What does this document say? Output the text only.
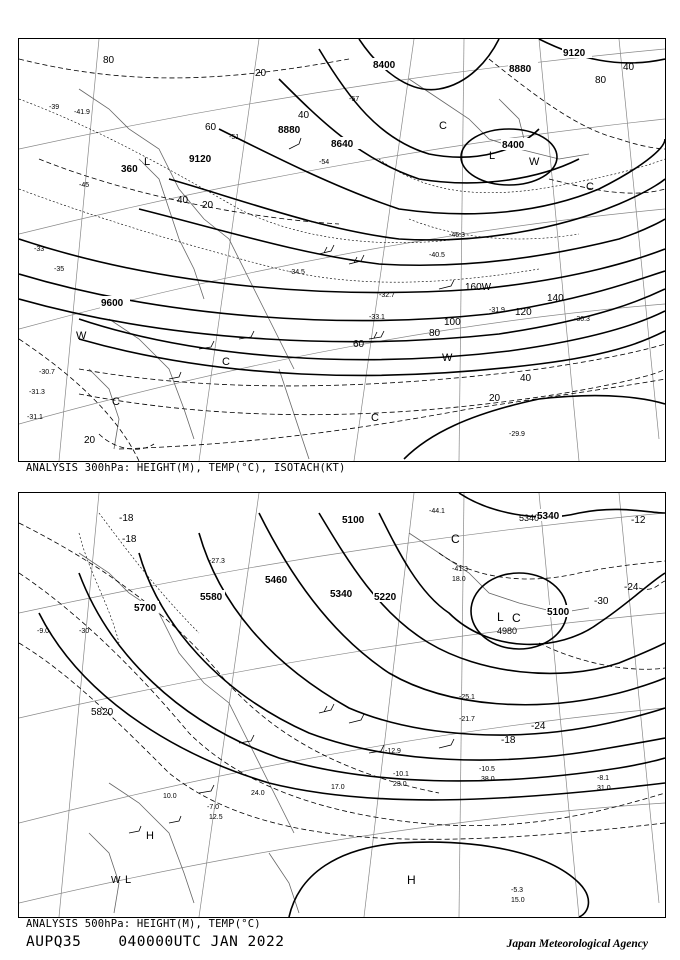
9120
8400	8880
8880
8640	8400
9120
9600
360
160W
140
120
100
80
60
40
20
20
40
60
80
40 20
40
80
20
-39
-45
-51
-54
-57
-46.3
-40.5
-34.5
-32.7
-33.1	-30.3
-31.9
-29.9
-31.3
-31.1
-30.7
-33
-35
-41.9
L	W
C
C
C
W
W
C
C
L
ANALYSIS 300hPa: HEIGHT(M), TEMP(°C), ISOTACH(KT)
5100	5340
5700
5460
5580	5340 5220
5820
5100
4980
5340
-18
-18
-24
-30
-24
-18
-12
-30
-41.3
-44.1
-21.7
-25.1
-12.9
-10.1
-10.5
-7.0
-5.3
-8.1
-27.3
-9.0
18.0
10.0
17.0	23.0
38.0
31.0
12.5
24.0
15.0
C
L C
H
W L
H
ANALYSIS 500hPa: HEIGHT(M), TEMP(°C)
AUPQ35	040000UTC JAN 2022	Japan Meteorological Agency
